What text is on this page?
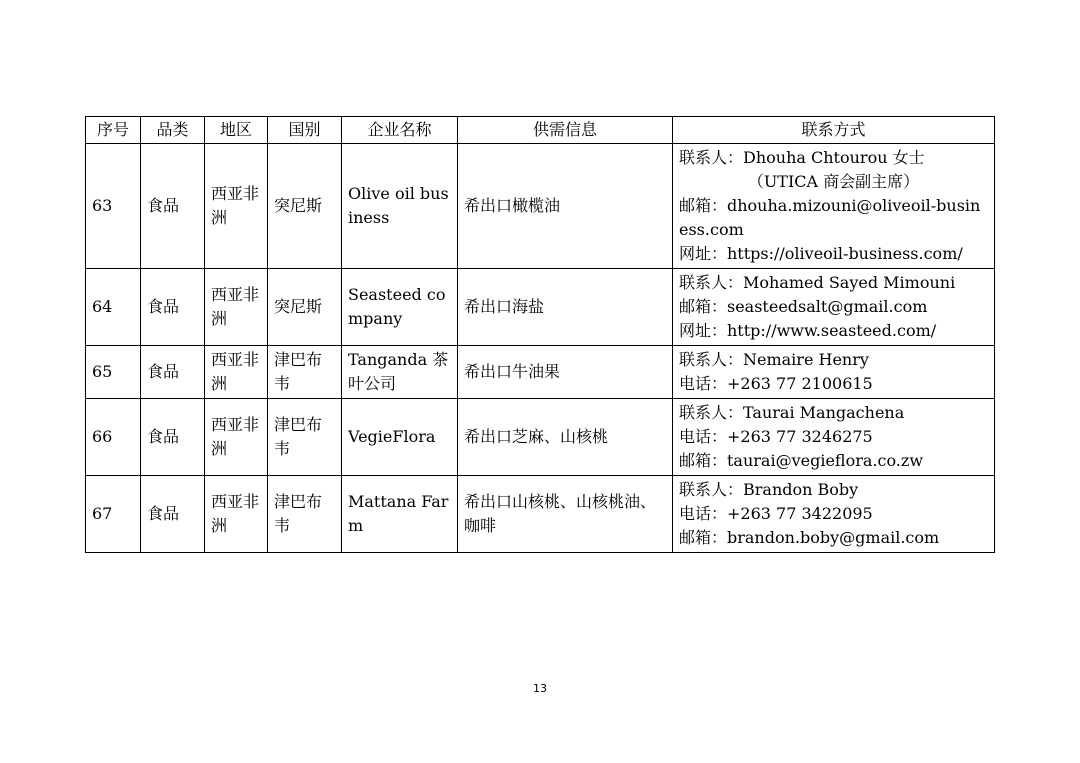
序号	品类	地区	国别	企业名称	供需信息	联系方式
63	食品	西亚非洲	突尼斯	Olive oil business	希出口橄榄油	联系人：Dhouha Chtourou 女士
（UTICA 商会副主席）
邮箱：dhouha.mizouni@oliveoil-business.com
网址：https://oliveoil-business.com/

64	食品	西亚非洲	突尼斯	Seasteed company	希出口海盐	联系人：Mohamed Sayed Mimouni
邮箱：seasteedsalt@gmail.com
网址：http://www.seasteed.com/

65	食品	西亚非洲	津巴布韦	Tanganda 茶叶公司	希出口牛油果	联系人：Nemaire Henry
电话：+263 77 2100615

66	食品	西亚非洲	津巴布韦	VegieFlora	希出口芝麻、山核桃	联系人：Taurai Mangachena
电话：+263 77 3246275
邮箱：taurai@vegieflora.co.zw

67	食品	西亚非洲	津巴布韦	Mattana Farm	希出口山核桃、山核桃油、咖啡	联系人：Brandon Boby
电话：+263 77 3422095
邮箱：brandon.boby@gmail.com
13
